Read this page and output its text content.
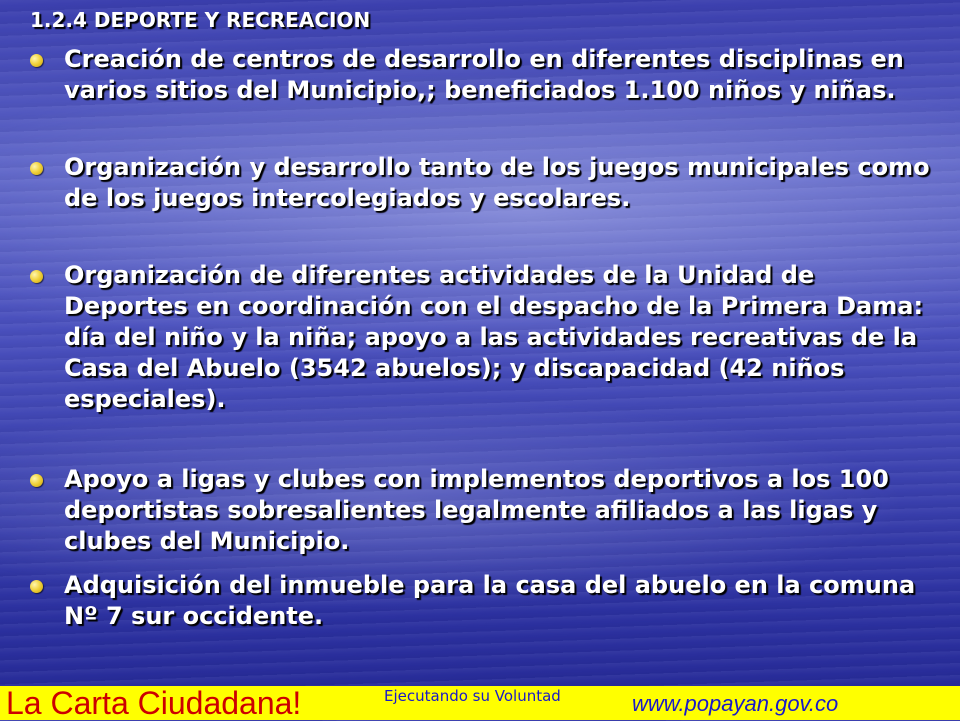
1.2.4 DEPORTE Y RECREACION
Creación de centros de desarrollo en diferentes disciplinas en varios sitios del Municipio,; beneficiados 1.100 niños y niñas.
Organización y desarrollo tanto de los juegos municipales como de los juegos intercolegiados y escolares.
Organización de diferentes actividades de la Unidad de Deportes en coordinación con el despacho de la Primera Dama: día del niño y la niña; apoyo a las actividades recreativas de la Casa del Abuelo (3542 abuelos); y discapacidad (42 niños especiales).
Apoyo a ligas y clubes con implementos deportivos a los 100 deportistas sobresalientes legalmente afiliados a las ligas y clubes del Municipio.
Adquisición del inmueble para la casa del abuelo en la comuna Nº 7 sur occidente.
La Carta Ciudadana!	Ejecutando su Voluntad	www.popayan.gov.co
